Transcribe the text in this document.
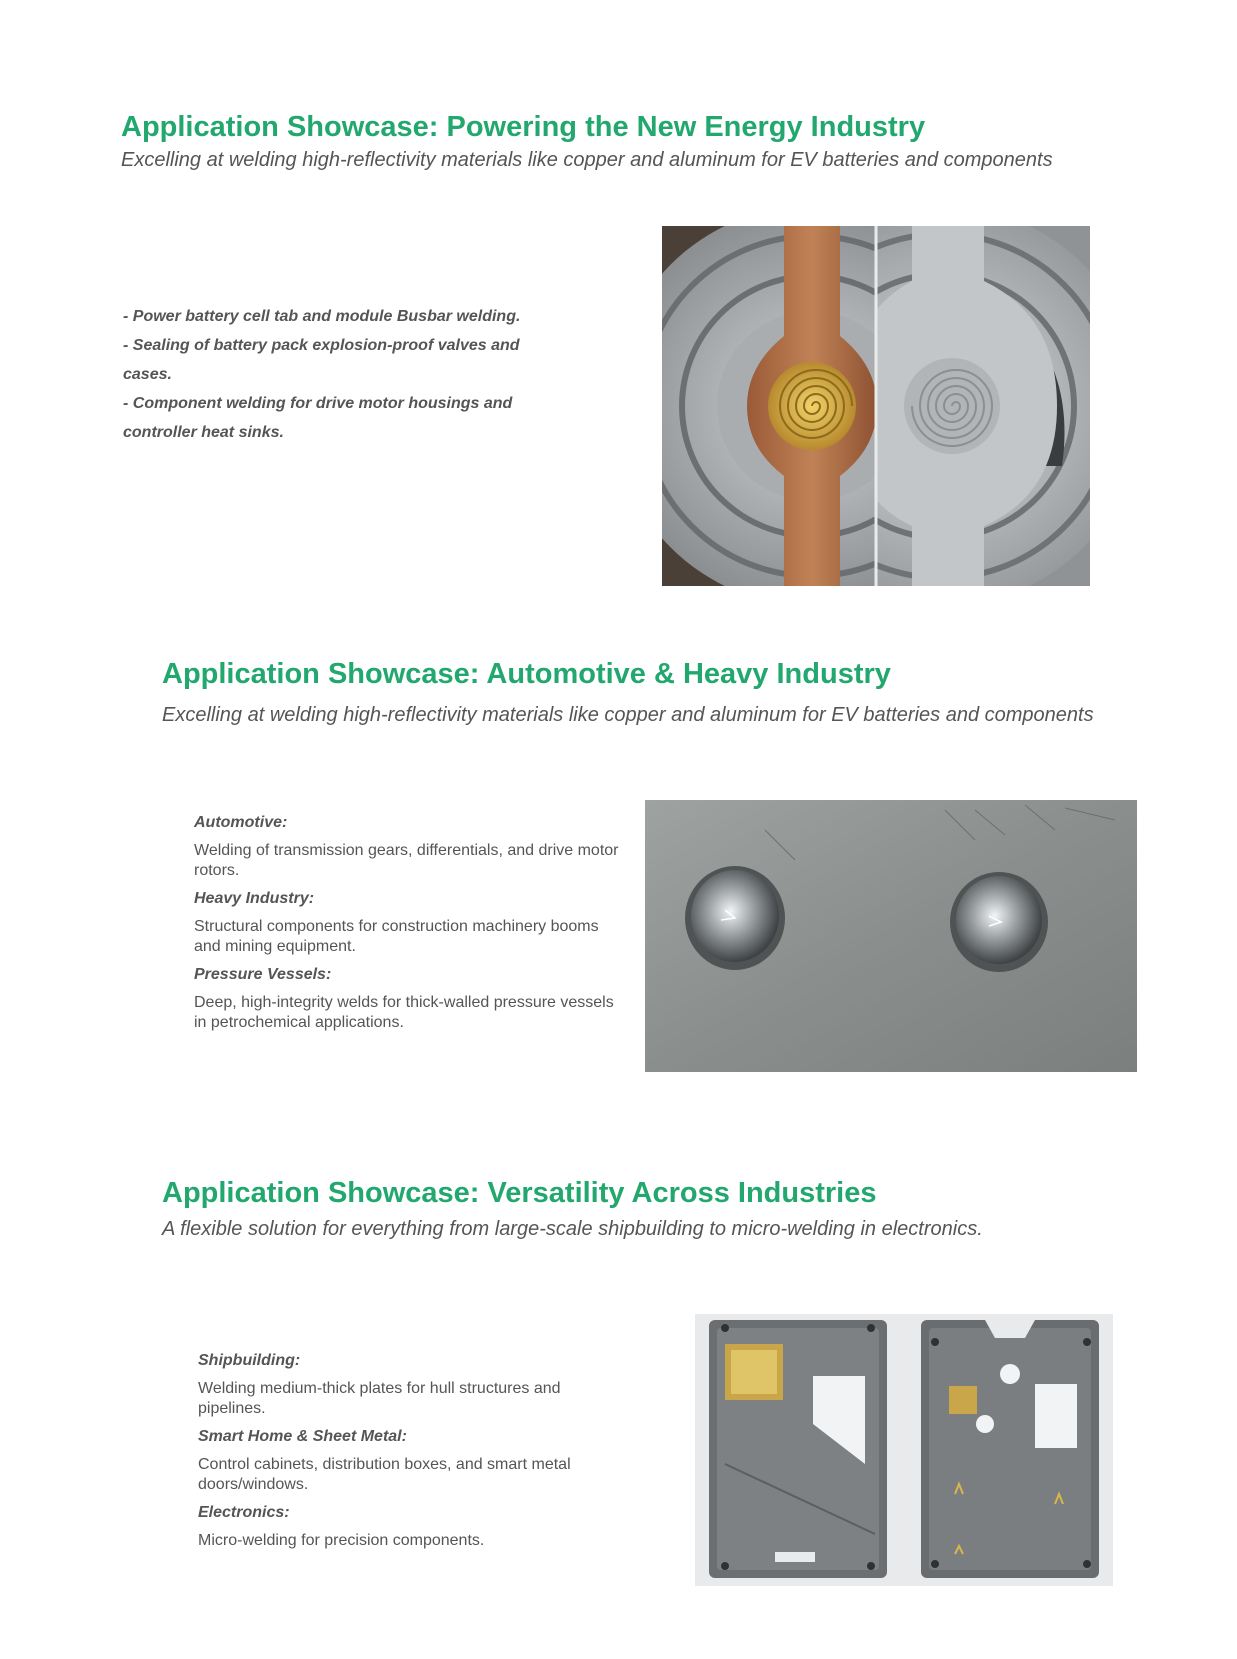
Application Showcase: Powering the New Energy Industry
Excelling at welding high-reflectivity materials like copper and aluminum for EV batteries and components
- Power battery cell tab and module Busbar welding.
- Sealing of battery pack explosion-proof valves and
cases.
- Component welding for drive motor housings and
controller heat sinks.
Application Showcase: Automotive & Heavy Industry
Excelling at welding high-reflectivity materials like copper and aluminum for EV batteries and components
Automotive:
Welding of transmission gears, differentials, and drive motor rotors.
Heavy Industry:
Structural components for construction machinery booms and mining equipment.
Pressure Vessels:
Deep, high-integrity welds for thick-walled pressure vessels in petrochemical applications.
Application Showcase: Versatility Across Industries
A flexible solution for everything from large-scale shipbuilding to micro-welding in electronics.
Shipbuilding:
Welding medium-thick plates for hull structures and pipelines.
Smart Home & Sheet Metal:
Control cabinets, distribution boxes, and smart metal doors/windows.
Electronics:
Micro-welding for precision components.
